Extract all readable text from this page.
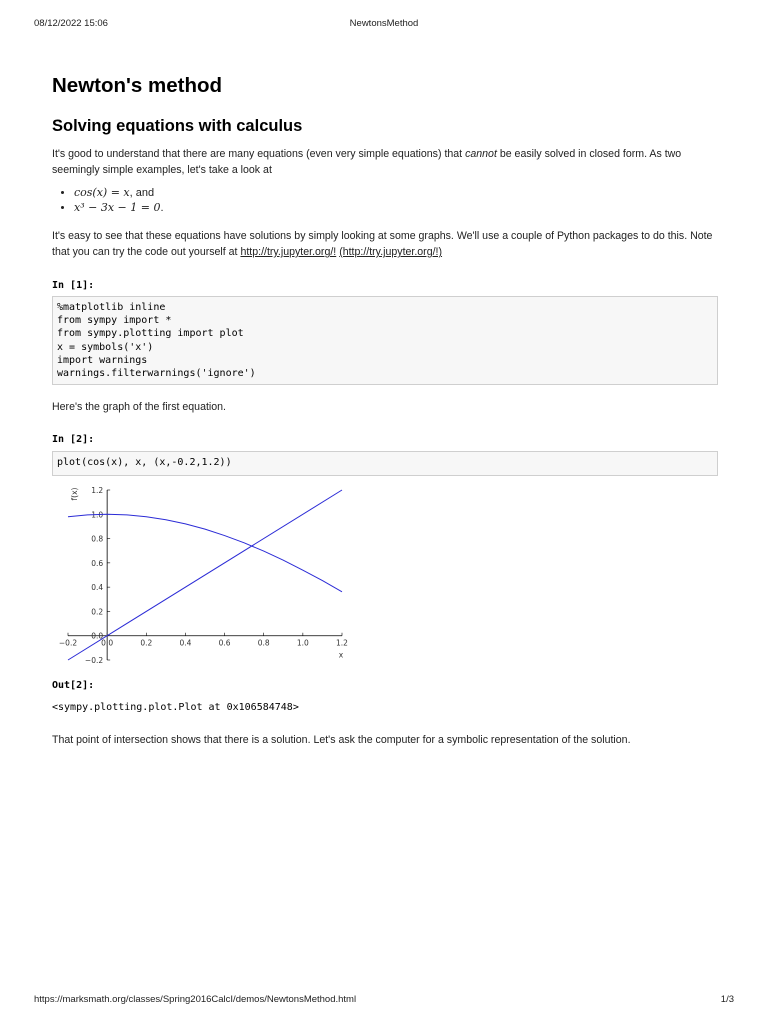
08/12/2022 15:06	NewtonsMethod
Newton's method
Solving equations with calculus

It's good to understand that there are many equations (even very simple equations) that cannot be easily solved in closed form. As two seemingly simple examples, let's take a look at

• cos(x) = x, and
• x³ − 3x − 1 = 0.

It's easy to see that these equations have solutions by simply looking at some graphs. We'll use a couple of Python packages to do this. Note that you can try the code out yourself at http://try.jupyter.org/! (http://try.jupyter.org/!)

In [1]:
%matplotlib inline
from sympy import *
from sympy.plotting import plot
x = symbols('x')
import warnings
warnings.filterwarnings('ignore')

Here's the graph of the first equation.

In [2]:
plot(cos(x), x, (x,-0.2,1.2))
Out[2]:
<sympy.plotting.plot.Plot at 0x106584748>

That point of intersection shows that there is a solution. Let's ask the computer for a symbolic representation of the solution.

−0.2	0.0	0.2	0.4	0.6	0.8	1.0	1.2
−0.2
0.0
0.2
0.4
0.6
0.8
1.0
1.2
x
f(x)
https://marksmath.org/classes/Spring2016CalcI/demos/NewtonsMethod.html	1/3
